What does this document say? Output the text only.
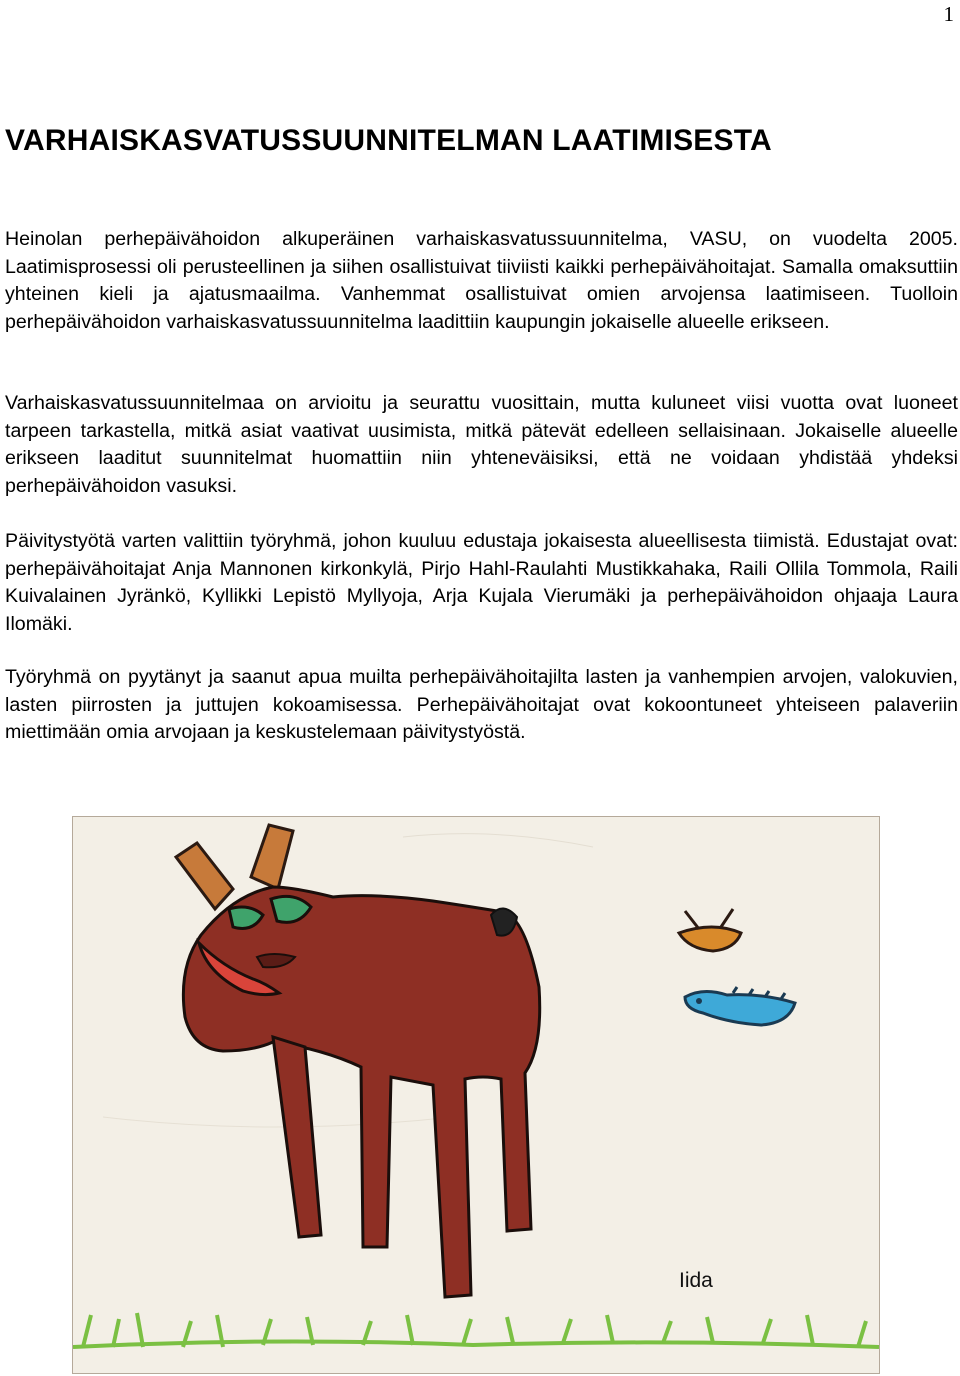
1
VARHAISKASVATUSSUUNNITELMAN LAATIMISESTA

Heinolan perhepäivähoidon alkuperäinen varhaiskasvatussuunnitelma, VASU, on vuodelta 2005. Laatimisprosessi oli perusteellinen ja siihen osallistuivat tiiviisti kaikki perhepäivähoitajat. Samalla omaksuttiin yhteinen kieli ja ajatusmaailma. Vanhemmat osallistuivat omien arvojensa laatimiseen. Tuolloin perhepäivähoidon varhaiskasvatussuunnitelma laadittiin kaupungin jokaiselle alueelle erikseen.

Varhaiskasvatussuunnitelmaa on arvioitu ja seurattu vuosittain, mutta kuluneet viisi vuotta ovat luoneet tarpeen tarkastella, mitkä asiat vaativat uusimista, mitkä pätevät edelleen sellaisinaan. Jokaiselle alueelle erikseen laaditut suunnitelmat huomattiin niin yhteneväisiksi, että ne voidaan yhdistää yhdeksi perhepäivähoidon vasuksi.

Päivitystyötä varten valittiin työryhmä, johon kuuluu edustaja jokaisesta alueellisesta tiimistä. Edustajat ovat: perhepäivähoitajat Anja Mannonen kirkonkylä, Pirjo Hahl-Raulahti Mustikkahaka, Raili Ollila Tommola, Raili Kuivalainen Jyränkö, Kyllikki Lepistö Myllyoja, Arja Kujala Vierumäki ja perhepäivähoidon ohjaaja Laura Ilomäki.

Työryhmä on pyytänyt ja saanut apua muilta perhepäivähoitajilta lasten ja vanhempien arvojen, valokuvien, lasten piirrosten ja juttujen kokoamisessa. Perhepäivähoitajat ovat kokoontuneet yhteiseen palaveriin miettimään omia arvojaan ja keskustelemaan päivitystyöstä.

Iida
